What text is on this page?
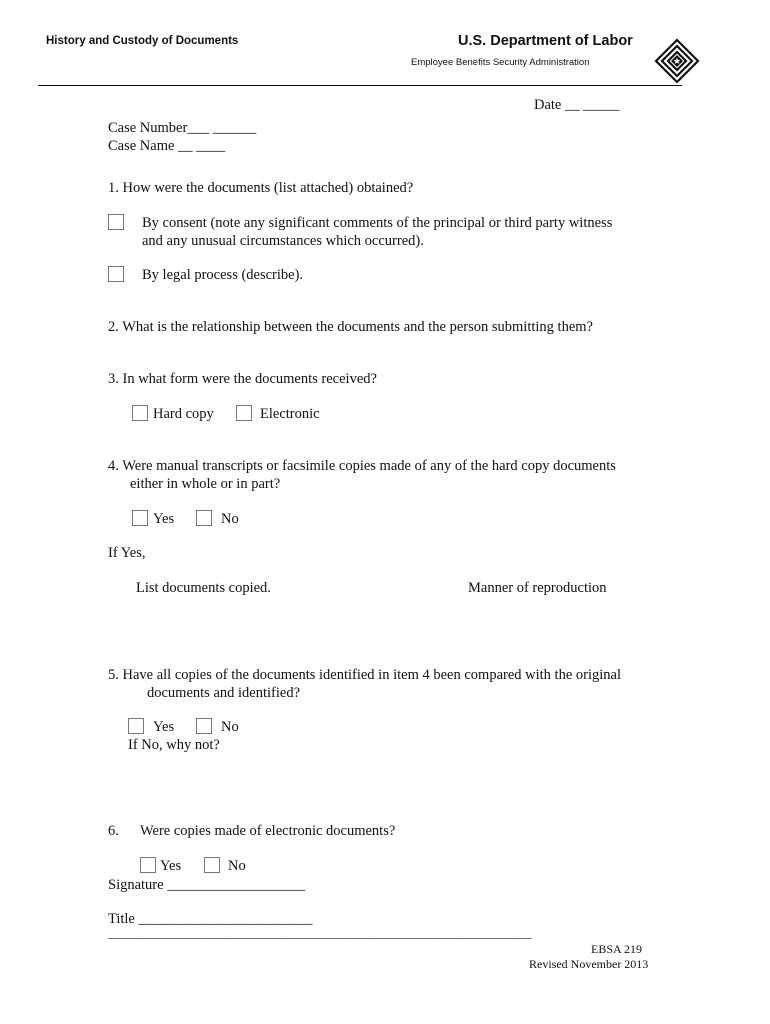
History and Custody of Documents	U.S. Department of Labor
Employee Benefits Security Administration
Date __ _____
Case Number___ ______
Case Name __ ____
1. How were the documents (list attached) obtained?
By consent (note any significant comments of the principal or third party witness
and any unusual circumstances which occurred).
By legal process (describe).
2. What is the relationship between the documents and the person submitting them?
3. In what form were the documents received?
Hard copy	Electronic
4. Were manual transcripts or facsimile copies made of any of the hard copy documents
either in whole or in part?
Yes	No
If Yes,
List documents copied.	Manner of reproduction
5. Have all copies of the documents identified in item 4 been compared with the original
documents and identified?
Yes	No
If No, why not?
6. Were copies made of electronic documents?
Yes	No
Signature ___________________
Title ________________________
_________________________________________________________________________
EBSA 219
Revised November 2013
